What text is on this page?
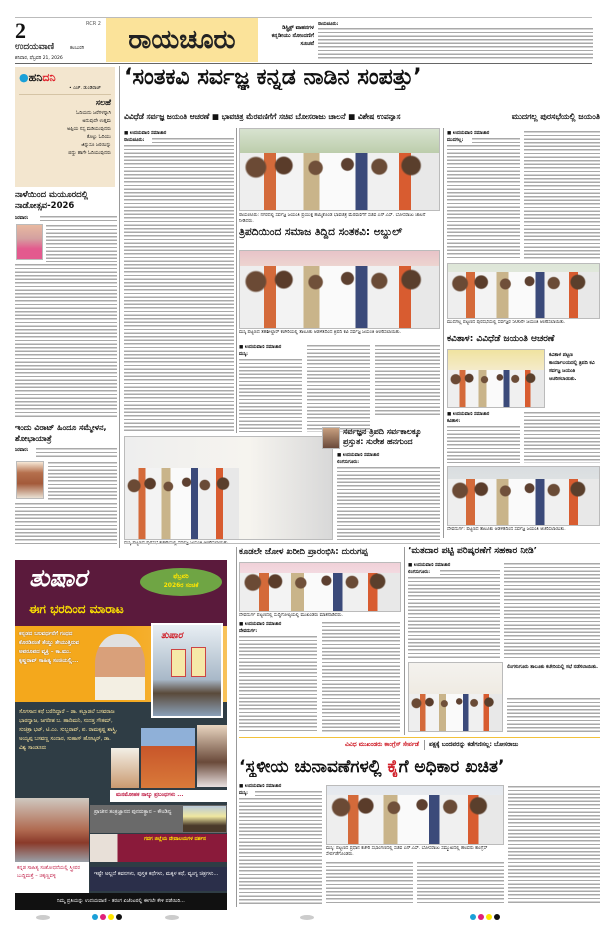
2	RCR 2
ಉದಯವಾಣಿ	ಕಲಬುರಗಿ
ಶನಿವಾರ, ಫೆಬ್ರವರಿ 21, 2026
ರಾಯಚೂರು	ಡಿಸ್ಟ್ರಿಕ್ಟ್ ವಾಹನಗಳ ಕನ್ನಡೀಯು ನೋಂದಣಿಗೆ ಸೂಚನೆ
ರಾಯಚೂರು:
●ಹನಿದನಿ
• ಎಚ್. ಡುಂಡಿರಾಜ್
ಸಲಹೆ
ಓದಿಯದು ಜರೆಗಳನ್ನಾಗಿ
ಅದುವುದೇ ಉತ್ತಮ
ಅಪ್ಪಿಯ ನಸ್ಸ ಮಡಿಯುವುದರು
ಕೊಲ್ಲು ಓದಿಯು
ಜಿನ್ನುಸೂ ಜರಯಿನ್ನು
ಬಿದ್ದು ಹಾಗೇ ಓದಿಯುವುದರು
ನಾಳೆಯಿಂದ ಮಯೂರದಲ್ಲಿ ನಾಡೋತ್ಸವ-2026
ಸಿರವಾರ:
ಇಂದು ವಿರಾಟ್ ಹಿಂದೂ ಸಮ್ಮೇಳನ, ಶೋಭಾಯಾತ್ರೆ
ಸಿರವಾರ:
‘ಸಂತಕವಿ ಸರ್ವಜ್ಞ ಕನ್ನಡ ನಾಡಿನ ಸಂಪತ್ತು’
ವಿವಿಧೆಡೆ ಸರ್ವಜ್ಞ ಜಯಂತಿ ಆಚರಣೆ ■ ಭಾವಚಿತ್ರ ಮೆರವಣಿಗೆಗೆ ಸಚಿವ ಬೋಸರಾಜು ಚಾಲನೆ ■ ವಿಶೇಷ ಉಪನ್ಯಾಸ
■ ಉದಯವಾಣಿ ಸಮಾಚಾರ
ರಾಯಚೂರು:
ರಾಯಚೂರು: ನಗರದಲ್ಲಿ ಸರ್ವಜ್ಞ ಜಯಂತಿ ಪ್ರಯುಕ್ತ ಹಮ್ಮಿಕೊಂಡ ಭಾವಚಿತ್ರ ಮೆರವಣಿಗೆಗೆ ಸಚಿವ ಎನ್.ಎಸ್. ಬೋಸರಾಜು ಚಾಲನೆ ನೀಡಿದರು.
ತ್ರಿಪದಿಯಿಂದ ಸಮಾಜ ತಿದ್ದಿದ ಸಂತಕವಿ: ಅಬ್ದುಲ್
ಮಸ್ಕಿ ಪಟ್ಟಣದ ತಹಶೀಲ್ದಾರ್ ಕಚೇರಿಯಲ್ಲಿ ತಾಲೂಕು ಆಡಳಿತದಿಂದ ತ್ರಿಪದಿ ಕವಿ ಸರ್ವಜ್ಞ ಜಯಂತಿ ಆಚರಿಸಲಾಯಿತು.
■ ಉದಯವಾಣಿ ಸಮಾಚಾರ
ಮಸ್ಕಿ:
ಮುದಗಲ್ಲ ಪುರಸಭೆಯಲ್ಲಿ ಜಯಂತಿ
■ ಉದಯವಾಣಿ ಸಮಾಚಾರ
ಮುದಗಲ್ಲ:
ಮುದಗಲ್ಲ ಪಟ್ಟಣದ ಪುರಸಭೆಯಲ್ಲಿ ಸರ್ವಜ್ಞರ 506ನೇ ಜಯಂತಿ ಆಚರಿಸಲಾಯಿತು.
ಕವಿತಾಳ: ವಿವಿಧೆಡೆ ಜಯಂತಿ ಆಚರಣೆ
ಕವಿತಾಳ ಪಟ್ಟಣ ಕಾರ್ಯಾಲಯದಲ್ಲಿ ತ್ರಿಪದಿ ಕವಿ ಸರ್ವಜ್ಞ ಜಯಂತಿ ಆಚರಿಸಲಾಯಿತು.
■ ಉದಯವಾಣಿ ಸಮಾಚಾರ
ಕವಿತಾಳ:
ಸರ್ವಜ್ಞನ ತ್ರಿಪದಿ ಸರ್ವಕಾಲಕ್ಕೂ ಪ್ರಸ್ತುತ: ಸುರೇಶ ಹನಗುಂದ
■ ಉದಯವಾಣಿ ಸಮಾಚಾರ
ಲಿಂಗಸುಗೂರು:
ದೇವದುರ್ಗ: ಪಟ್ಟಣದ ತಾಲೂಕು ಆಡಳಿತದಿಂದ ಸರ್ವಜ್ಞ ಜಯಂತಿ ಆಚರಿಸಲಾಯಿತು.
ಕೂಡಲೇ ಜೋಳ ಖರೀದಿ ಪ್ರಾರಂಭಿಸಿ: ದುರುಗಪ್ಪ
ದೇವದುರ್ಗ ಪಟ್ಟಣದಲ್ಲಿ ಸುದ್ದಿಗೋಷ್ಠಿಯಲ್ಲಿ ಮುಖಂಡರು ಮಾತನಾಡಿದರು.
■ ಉದಯವಾಣಿ ಸಮಾಚಾರ
ದೇವದುರ್ಗ:
‘ಮತದಾರ ಪಟ್ಟಿ ಪರಿಷ್ಕರಣೆಗೆ ಸಹಕಾರ ನೀಡಿ’
■ ಉದಯವಾಣಿ ಸಮಾಚಾರ
ಲಿಂಗಸುಗೂರು:
ಲಿಂಗಸುಗೂರು ತಾಲೂಕು ಕಚೇರಿಯಲ್ಲಿ ಸಭೆ ನಡೆಸಲಾಯಿತು.
ವಿವಿಧ ಮುಖಂಡರು ಕಾಂಗ್ರೆಸ್ ಸೇರ್ಪಡೆ ಪಕ್ಷಕ್ಕೆ ಬಂದವರನ್ನು ಕಡೆಗಣಿಸಲ್ಲ: ಬೋಸರಾಜು
‘ಸ್ಥಳೀಯ ಚುನಾವಣೆಗಳಲ್ಲಿ ಕೈಗೆ ಅಧಿಕಾರ ಖಚಿತ’
■ ಉದಯವಾಣಿ ಸಮಾಚಾರ
ಮಸ್ಕಿ:
ಮಸ್ಕಿ: ಪಟ್ಟಣದ ಪ್ರಧಾನ ಕಚೇರಿ ಸಭಾಂಗಣದಲ್ಲಿ ಸಚಿವ ಎನ್.ಎಸ್. ಬೋಸರಾಜು ಸಮ್ಮುಖದಲ್ಲಿ ಹಲವರು ಕಾಂಗ್ರೆಸ್ ಸೇರ್ಪಡೆಗೊಂಡರು.
ತುಷಾರ	ಫೆಬ್ರವರಿ
2026ರ ಸಂಚಿಕೆ
ಈಗ ಭರದಿಂದ ಮಾರಾಟ
ಕನ್ನಡದ ಬಲವರ್ಧನೆಗೆ ಗಂಧದ ಕೊರಡಿನಂತೆ ತೆಯ್ದು ತೇಯುತ್ತಿರುವ ಅಪರೂಪದ ವ್ಯಕ್ತಿ – ಕಾ.ಮು. ಕೃಷ್ಣರಾವ್ ಸಾಹಿತ್ಯ ಸಂಚಿಯಲ್ಲಿ...
ತುಷಾರ
ಸೊಗಸಾದ ಕಥೆ ಬರೆದಿದ್ದಾರೆ – ಡಾ. ಕಬ್ಬಾಡಲೆ ಬಸವರಾಜ ಭಾರದ್ವಾಜ, ಜಗದೀಶ ಬ. ಹಾದಿಮನಿ, ಸುದತ್ತ ಗೌತಮ್, ಸುಚಿತ್ರಾ ಭಟ್, ಟಿ.ಎಂ. ಸುಬ್ಬರಾವ್, ಪ. ರಾಮಕೃಷ್ಣ ಶಾಸ್ತ್ರಿ, ಅಯ್ಯಪ್ಪ ಬಸವಣ್ಣ ಸಂದಾರ, ಸುಹಾಸ್ ಹೋಟ್ಕರ್, ಡಾ. ವಿಶ್ವ ಸಾಂಡೂರು
ಮನಮೋಹಕ ನಾಲ್ಕು ಪ್ರಬಂಧಗಳು ...
ಪ್ರಾಚೀನ ತಂತ್ರಜ್ಞಾನದ ಪುನರುತ್ಥಾನ – ಕೌಂಡಿನ್ಯ
ಗದಗ ಜಿಲ್ಲೆಯ ದೇವಾಲಯಗಳ ದರ್ಶನ
ಕನ್ನಡ ಸಾಹಿತ್ಯ ಸಂಶೋಧನೆಯಲ್ಲಿ ಸ್ತ್ರೀಪರ ಬುದ್ಧಿಮತ್ತೆ – ಚಿಕ್ಕಣ್ಣವಳ್ಳಿ	ಇಷ್ಟೇ ಅಲ್ಲದೆ ಕವನಗಳು, ಪುಸ್ತಕ ಕಥೆಗಳು, ಮಕ್ಕಳ ಕಥೆ, ವ್ಯಂಗ್ಯ ಚಿತ್ರಗಳು...
ನಿಮ್ಮ ಪ್ರತಿಯನ್ನು ಉದಯವಾಣಿ - ತರಂಗ ಏಜೆಂಟರಲ್ಲಿ ಈಗಲೇ ಕೇಳಿ ಪಡೆಯಿರಿ...
